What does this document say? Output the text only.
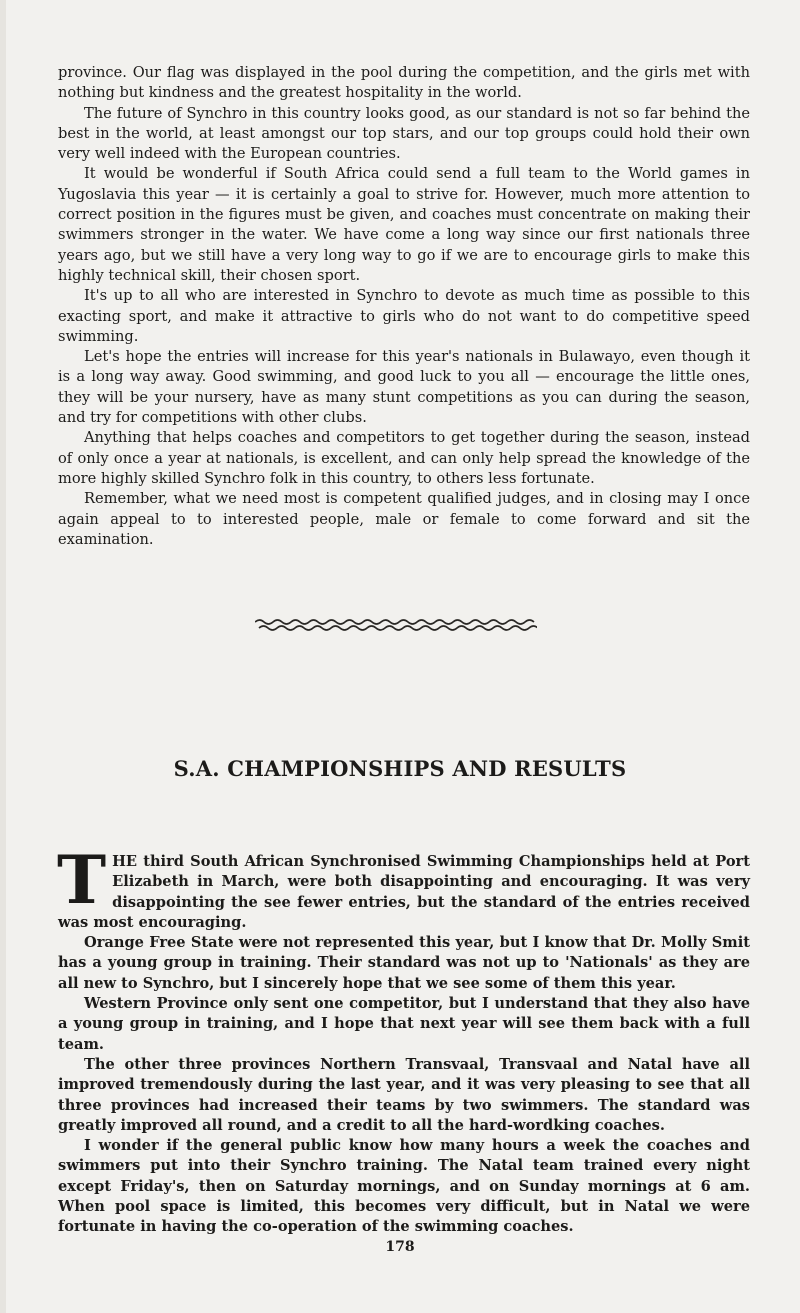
province. Our flag was displayed in the pool during the competition, and the girls met with nothing but kindness and the greatest hospitality in the world.

The future of Synchro in this country looks good, as our standard is not so far behind the best in the world, at least amongst our top stars, and our top groups could hold their own very well indeed with the European countries.

It would be wonderful if South Africa could send a full team to the World games in Yugoslavia this year — it is certainly a goal to strive for. However, much more attention to correct position in the figures must be given, and coaches must concentrate on making their swimmers stronger in the water. We have come a long way since our first nationals three years ago, but we still have a very long way to go if we are to encourage girls to make this highly technical skill, their chosen sport.

It's up to all who are interested in Synchro to devote as much time as possible to this exacting sport, and make it attractive to girls who do not want to do competitive speed swimming.

Let's hope the entries will increase for this year's nationals in Bulawayo, even though it is a long way away. Good swimming, and good luck to you all — encourage the little ones, they will be your nursery, have as many stunt competitions as you can during the season, and try for competitions with other clubs.

Anything that helps coaches and competitors to get together during the season, instead of only once a year at nationals, is excellent, and can only help spread the knowledge of the more highly skilled Synchro folk in this country, to others less fortunate.

Remember, what we need most is competent qualified judges, and in closing may I once again appeal to to interested people, male or female to come forward and sit the examination.

S.A. CHAMPIONSHIPS AND RESULTS

THE third South African Synchronised Swimming Championships held at Port Elizabeth in March, were both disappointing and encouraging. It was very disappointing the see fewer entries, but the standard of the entries received was most encouraging.

Orange Free State were not represented this year, but I know that Dr. Molly Smit has a young group in training. Their standard was not up to 'Nationals' as they are all new to Synchro, but I sincerely hope that we see some of them this year.

Western Province only sent one competitor, but I understand that they also have a young group in training, and I hope that next year will see them back with a full team.

The other three provinces Northern Transvaal, Transvaal and Natal have all improved tremendously during the last year, and it was very pleasing to see that all three provinces had increased their teams by two swimmers. The standard was greatly improved all round, and a credit to all the hard-wordking coaches.

I wonder if the general public know how many hours a week the coaches and swimmers put into their Synchro training. The Natal team trained every night except Friday's, then on Saturday mornings, and on Sunday mornings at 6 am. When pool space is limited, this becomes very difficult, but in Natal we were fortunate in having the co-operation of the swimming coaches.

178
